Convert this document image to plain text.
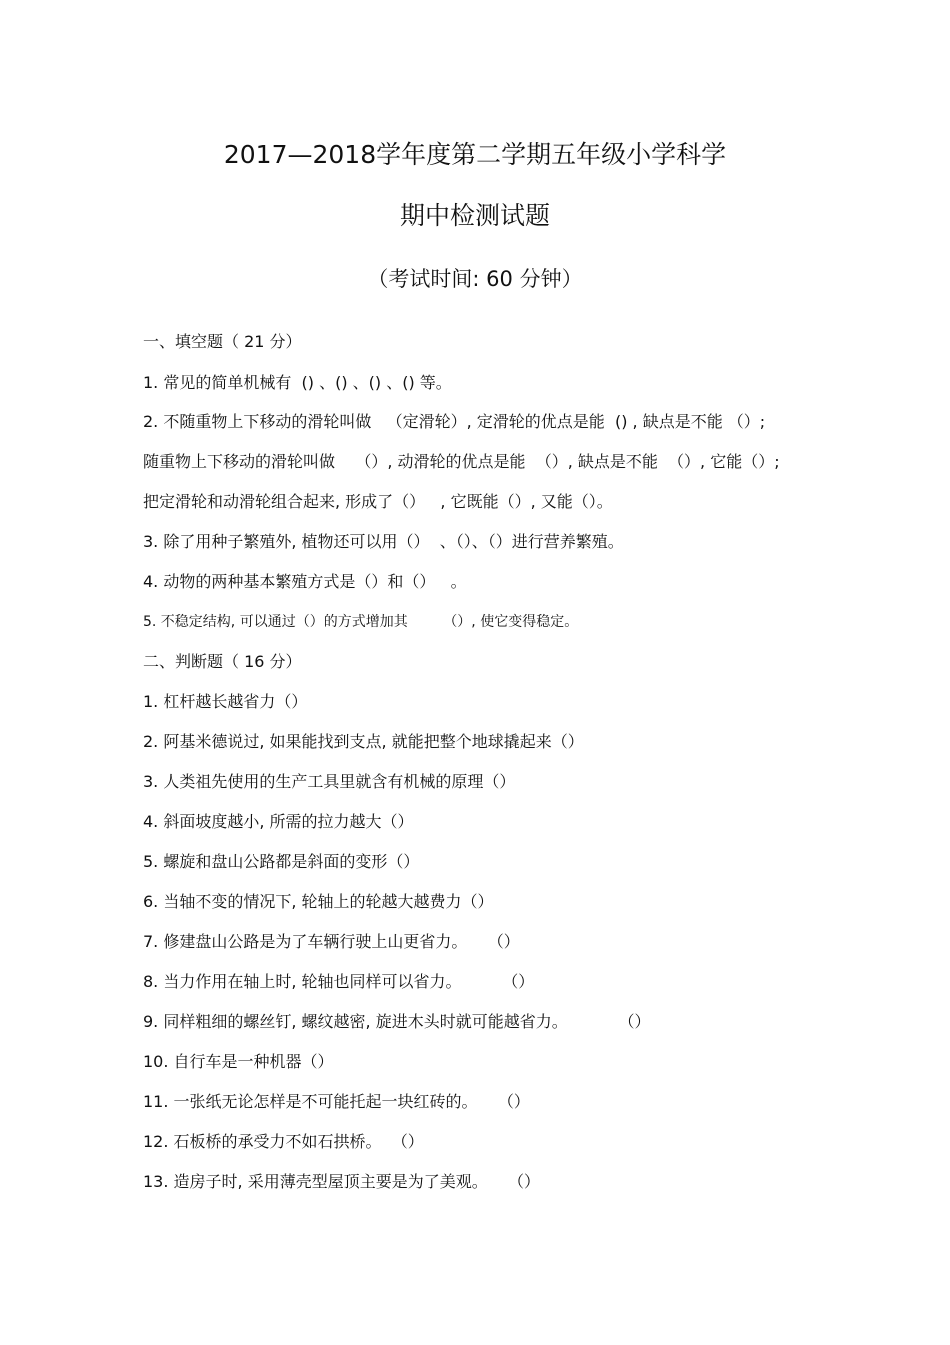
2017—2018学年度第二学期五年级小学科学
期中检测试题
（考试时间: 60 分钟）
一、填空题（ 21 分）
1. 常见的简单机械有  () 、() 、() 、() 等。
2. 不随重物上下移动的滑轮叫做   （定滑轮）, 定滑轮的优点是能  () , 缺点是不能 （）;
随重物上下移动的滑轮叫做    （）, 动滑轮的优点是能  （）, 缺点是不能  （）, 它能（）;
把定滑轮和动滑轮组合起来, 形成了（）   , 它既能（）, 又能（）。
3. 除了用种子繁殖外, 植物还可以用（）  、（）、（）进行营养繁殖。
4. 动物的两种基本繁殖方式是（）和（）   。
5. 不稳定结构, 可以通过（）的方式增加其        （）, 使它变得稳定。
二、判断题（ 16 分）
1. 杠杆越长越省力（）
2. 阿基米德说过, 如果能找到支点, 就能把整个地球撬起来（）
3. 人类祖先使用的生产工具里就含有机械的原理（）
4. 斜面坡度越小, 所需的拉力越大（）
5. 螺旋和盘山公路都是斜面的变形（）
6. 当轴不变的情况下, 轮轴上的轮越大越费力（）
7. 修建盘山公路是为了车辆行驶上山更省力。    （）
8. 当力作用在轴上时, 轮轴也同样可以省力。        （）
9. 同样粗细的螺丝钉, 螺纹越密, 旋进木头时就可能越省力。          （）
10. 自行车是一种机器（）
11. 一张纸无论怎样是不可能托起一块红砖的。    （）
12. 石板桥的承受力不如石拱桥。  （）
13. 造房子时, 采用薄壳型屋顶主要是为了美观。    （）
